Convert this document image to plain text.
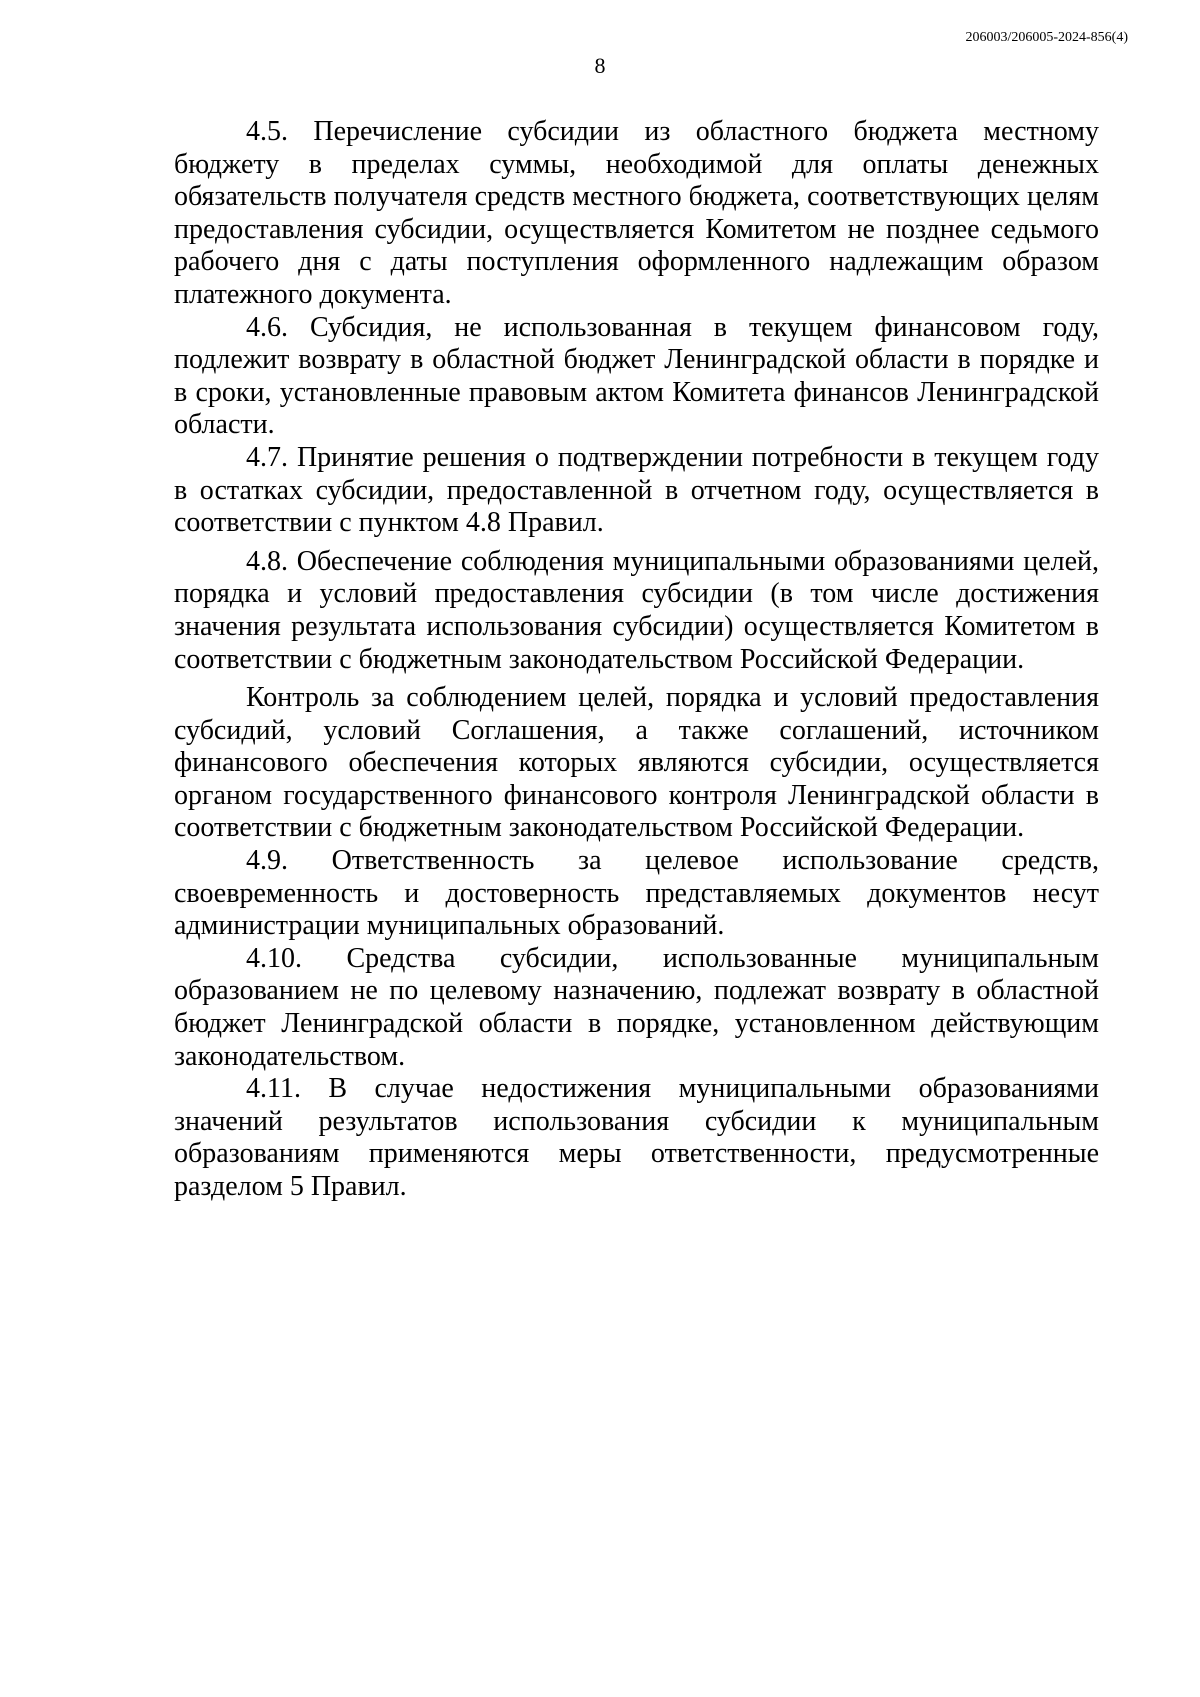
206003/206005-2024-856(4)
8

4.5. Перечисление субсидии из областного бюджета местному бюджету в пределах суммы, необходимой для оплаты денежных обязательств получателя средств местного бюджета, соответствующих целям предоставления субсидии, осуществляется Комитетом не позднее седьмого рабочего дня с даты поступления оформленного надлежащим образом платежного документа.

4.6. Субсидия, не использованная в текущем финансовом году, подлежит возврату в областной бюджет Ленинградской области в порядке и в сроки, установленные правовым актом Комитета финансов Ленинградской области.

4.7. Принятие решения о подтверждении потребности в текущем году в остатках субсидии, предоставленной в отчетном году, осуществляется в соответствии с пунктом 4.8 Правил.

4.8. Обеспечение соблюдения муниципальными образованиями целей, порядка и условий предоставления субсидии (в том числе достижения значения результата использования субсидии) осуществляется Комитетом в соответствии с бюджетным законодательством Российской Федерации.

Контроль за соблюдением целей, порядка и условий предоставления субсидий, условий Соглашения, а также соглашений, источником финансового обеспечения которых являются субсидии, осуществляется органом государственного финансового контроля Ленинградской области в соответствии с бюджетным законодательством Российской Федерации.

4.9. Ответственность за целевое использование средств, своевременность и достоверность представляемых документов несут администрации муниципальных образований.

4.10. Средства субсидии, использованные муниципальным образованием не по целевому назначению, подлежат возврату в областной бюджет Ленинградской области в порядке, установленном действующим законодательством.

4.11. В случае недостижения муниципальными образованиями значений результатов использования субсидии к муниципальным образованиям применяются меры ответственности, предусмотренные разделом 5 Правил.
